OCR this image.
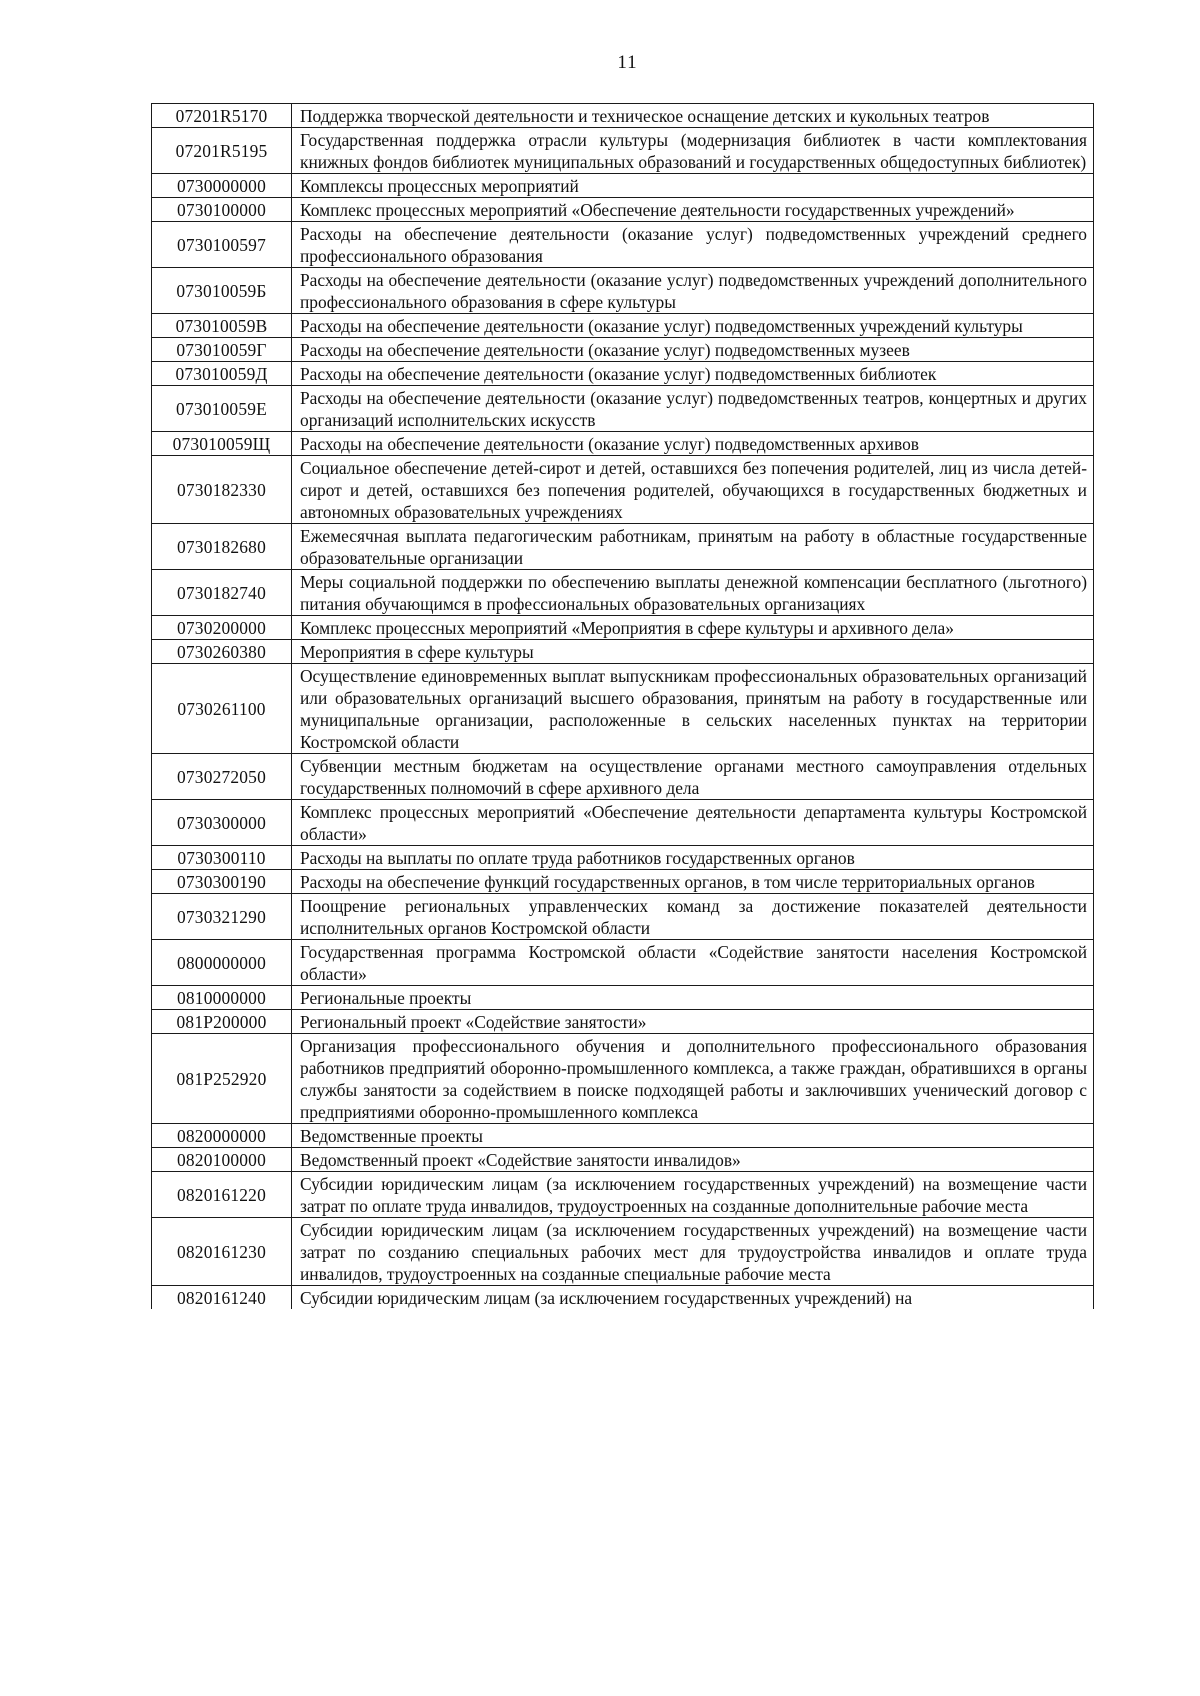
11
07201R5170	Поддержка творческой деятельности и техническое оснащение детских и кукольных театров
07201R5195	Государственная поддержка отрасли культуры (модернизация библиотек в части комплектования книжных фондов библиотек муниципальных образований и государственных общедоступных библиотек)
0730000000	Комплексы процессных мероприятий
0730100000	Комплекс процессных мероприятий «Обеспечение деятельности государственных учреждений»
0730100597	Расходы на обеспечение деятельности (оказание услуг) подведомственных учреждений среднего профессионального образования
073010059Б	Расходы на обеспечение деятельности (оказание услуг) подведомственных учреждений дополнительного профессионального образования в сфере культуры
073010059В	Расходы на обеспечение деятельности (оказание услуг) подведомственных учреждений культуры
073010059Г	Расходы на обеспечение деятельности (оказание услуг) подведомственных музеев
073010059Д	Расходы на обеспечение деятельности (оказание услуг) подведомственных библиотек
073010059Е	Расходы на обеспечение деятельности (оказание услуг) подведомственных театров, концертных и других организаций исполнительских искусств
073010059Щ	Расходы на обеспечение деятельности (оказание услуг) подведомственных архивов
0730182330	Социальное обеспечение детей-сирот и детей, оставшихся без попечения родителей, лиц из числа детей-сирот и детей, оставшихся без попечения родителей, обучающихся в государственных бюджетных и автономных образовательных учреждениях
0730182680	Ежемесячная выплата педагогическим работникам, принятым на работу в областные государственные образовательные организации
0730182740	Меры социальной поддержки по обеспечению выплаты денежной компенсации бесплатного (льготного) питания обучающимся в профессиональных образовательных организациях
0730200000	Комплекс процессных мероприятий «Мероприятия в сфере культуры и архивного дела»
0730260380	Мероприятия в сфере культуры
0730261100	Осуществление единовременных выплат выпускникам профессиональных образовательных организаций или образовательных организаций высшего образования, принятым на работу в государственные или муниципальные организации, расположенные в сельских населенных пунктах на территории Костромской области
0730272050	Субвенции местным бюджетам на осуществление органами местного самоуправления отдельных государственных полномочий в сфере архивного дела
0730300000	Комплекс процессных мероприятий «Обеспечение деятельности департамента культуры Костромской области»
0730300110	Расходы на выплаты по оплате труда работников государственных органов
0730300190	Расходы на обеспечение функций государственных органов, в том числе территориальных органов
0730321290	Поощрение региональных управленческих команд за достижение показателей деятельности исполнительных органов Костромской области
0800000000	Государственная программа Костромской области «Содействие занятости населения Костромской области»
0810000000	Региональные проекты
081P200000	Региональный проект «Содействие занятости»
081P252920	Организация профессионального обучения и дополнительного профессионального образования работников предприятий оборонно-промышленного комплекса, а также граждан, обратившихся в органы службы занятости за содействием в поиске подходящей работы и заключивших ученический договор с предприятиями оборонно-промышленного комплекса
0820000000	Ведомственные проекты
0820100000	Ведомственный проект «Содействие занятости инвалидов»
0820161220	Субсидии юридическим лицам (за исключением государственных учреждений) на возмещение части затрат по оплате труда инвалидов, трудоустроенных на созданные дополнительные рабочие места
0820161230	Субсидии юридическим лицам (за исключением государственных учреждений) на возмещение части затрат по созданию специальных рабочих мест для трудоустройства инвалидов и оплате труда инвалидов, трудоустроенных на созданные специальные рабочие места
0820161240	Субсидии юридическим лицам (за исключением государственных учреждений) на
